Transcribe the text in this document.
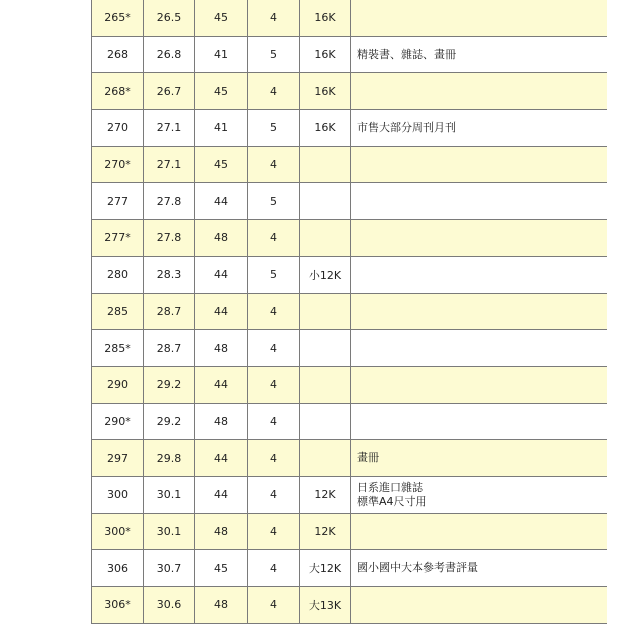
265*	26.5	45	4	16K	
268	26.8	41	5	16K	精裝書、雜誌、畫冊

268*	26.7	45	4	16K	
270	27.1	41	5	16K	市售大部分周刊月刊

270*	27.1	45	4		
277	27.8	44	5		
277*	27.8	48	4		
280	28.3	44	5	小12K	
285	28.7	44	4		
285*	28.7	48	4		
290	29.2	44	4		
290*	29.2	48	4		
297	29.8	44	4		畫冊

300	30.1	44	4	12K	日系進口雜誌
標準A4尺寸用

300*	30.1	48	4	12K	
306	30.7	45	4	大12K	國小國中大本參考書評量

306*	30.6	48	4	大13K	
